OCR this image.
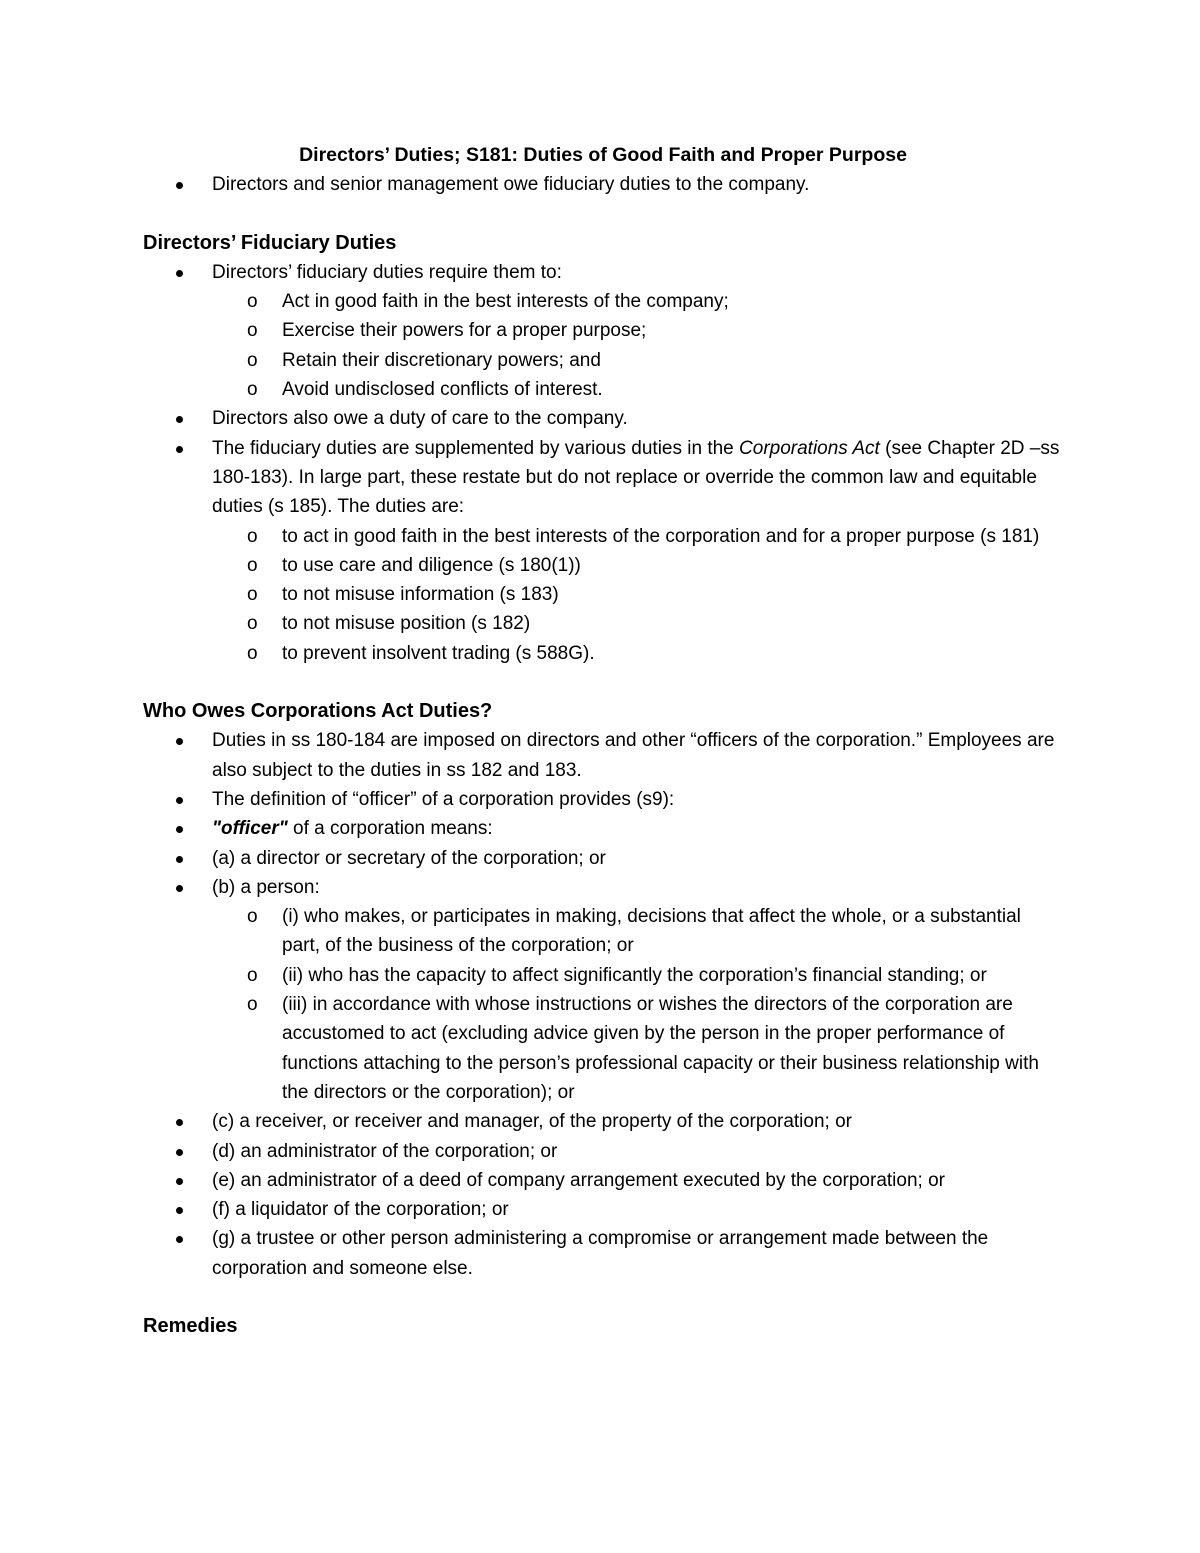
Directors’ Duties; S181: Duties of Good Faith and Proper Purpose

Directors and senior management owe fiduciary duties to the company.

Directors’ Fiduciary Duties

Directors’ fiduciary duties require them to:
o Act in good faith in the best interests of the company;
o Exercise their powers for a proper purpose;
o Retain their discretionary powers; and
o Avoid undisclosed conflicts of interest.
Directors also owe a duty of care to the company.
The fiduciary duties are supplemented by various duties in the Corporations Act (see Chapter 2D –ss 180-183). In large part, these restate but do not replace or override the common law and equitable duties (s 185). The duties are:
o to act in good faith in the best interests of the corporation and for a proper purpose (s 181)
o to use care and diligence (s 180(1))
o to not misuse information (s 183)
o to not misuse position (s 182)
o to prevent insolvent trading (s 588G).

Who Owes Corporations Act Duties?

Duties in ss 180-184 are imposed on directors and other “officers of the corporation.” Employees are also subject to the duties in ss 182 and 183.
The definition of “officer” of a corporation provides (s9):
"officer" of a corporation means:
(a) a director or secretary of the corporation; or
(b) a person:
o (i) who makes, or participates in making, decisions that affect the whole, or a substantial part, of the business of the corporation; or
o (ii) who has the capacity to affect significantly the corporation’s financial standing; or
o (iii) in accordance with whose instructions or wishes the directors of the corporation are accustomed to act (excluding advice given by the person in the proper performance of functions attaching to the person’s professional capacity or their business relationship with the directors or the corporation); or
(c) a receiver, or receiver and manager, of the property of the corporation; or
(d) an administrator of the corporation; or
(e) an administrator of a deed of company arrangement executed by the corporation; or
(f) a liquidator of the corporation; or
(g) a trustee or other person administering a compromise or arrangement made between the corporation and someone else.

Remedies
